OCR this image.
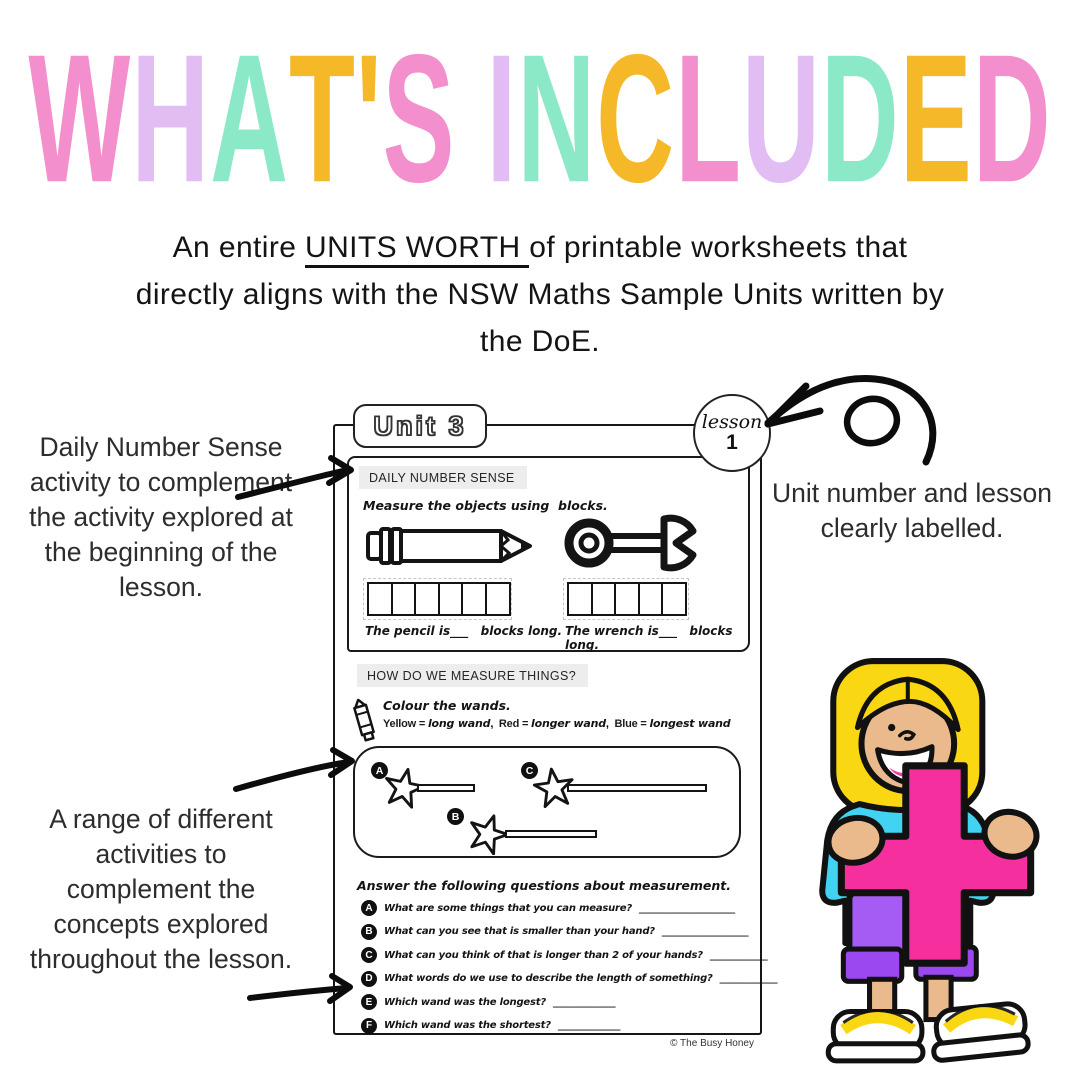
W H A T ' S
I N C L U D E D
An entire UNITS WORTH of printable worksheets that
directly aligns with the NSW Maths Sample Units written by
the DoE.

Daily Number Sense activity to complement the activity explored at the beginning of the lesson.

A range of different activities to complement the concepts explored throughout the lesson.

Unit number and lesson clearly labelled.

Unit 3	lesson
1
DAILY NUMBER SENSE

Measure the objects using  blocks.

The pencil is___   blocks long. The wrench is___   blocks long.

HOW DO WE MEASURE THINGS?

Colour the wands.

Yellow = long wand , Red = longer wand , Blue = longest wand

A	C
B

Answer the following questions about measurement.

A	What are some things that you can measure? ____________________
B	What can you see that is smaller than your hand? __________________
C	What can you think of that is longer than 2 of your hands? ____________
D	What words do we use to describe the length of something? ____________
E	Which wand was the longest? _____________
F	Which wand was the shortest? _____________
© The Busy Honey
